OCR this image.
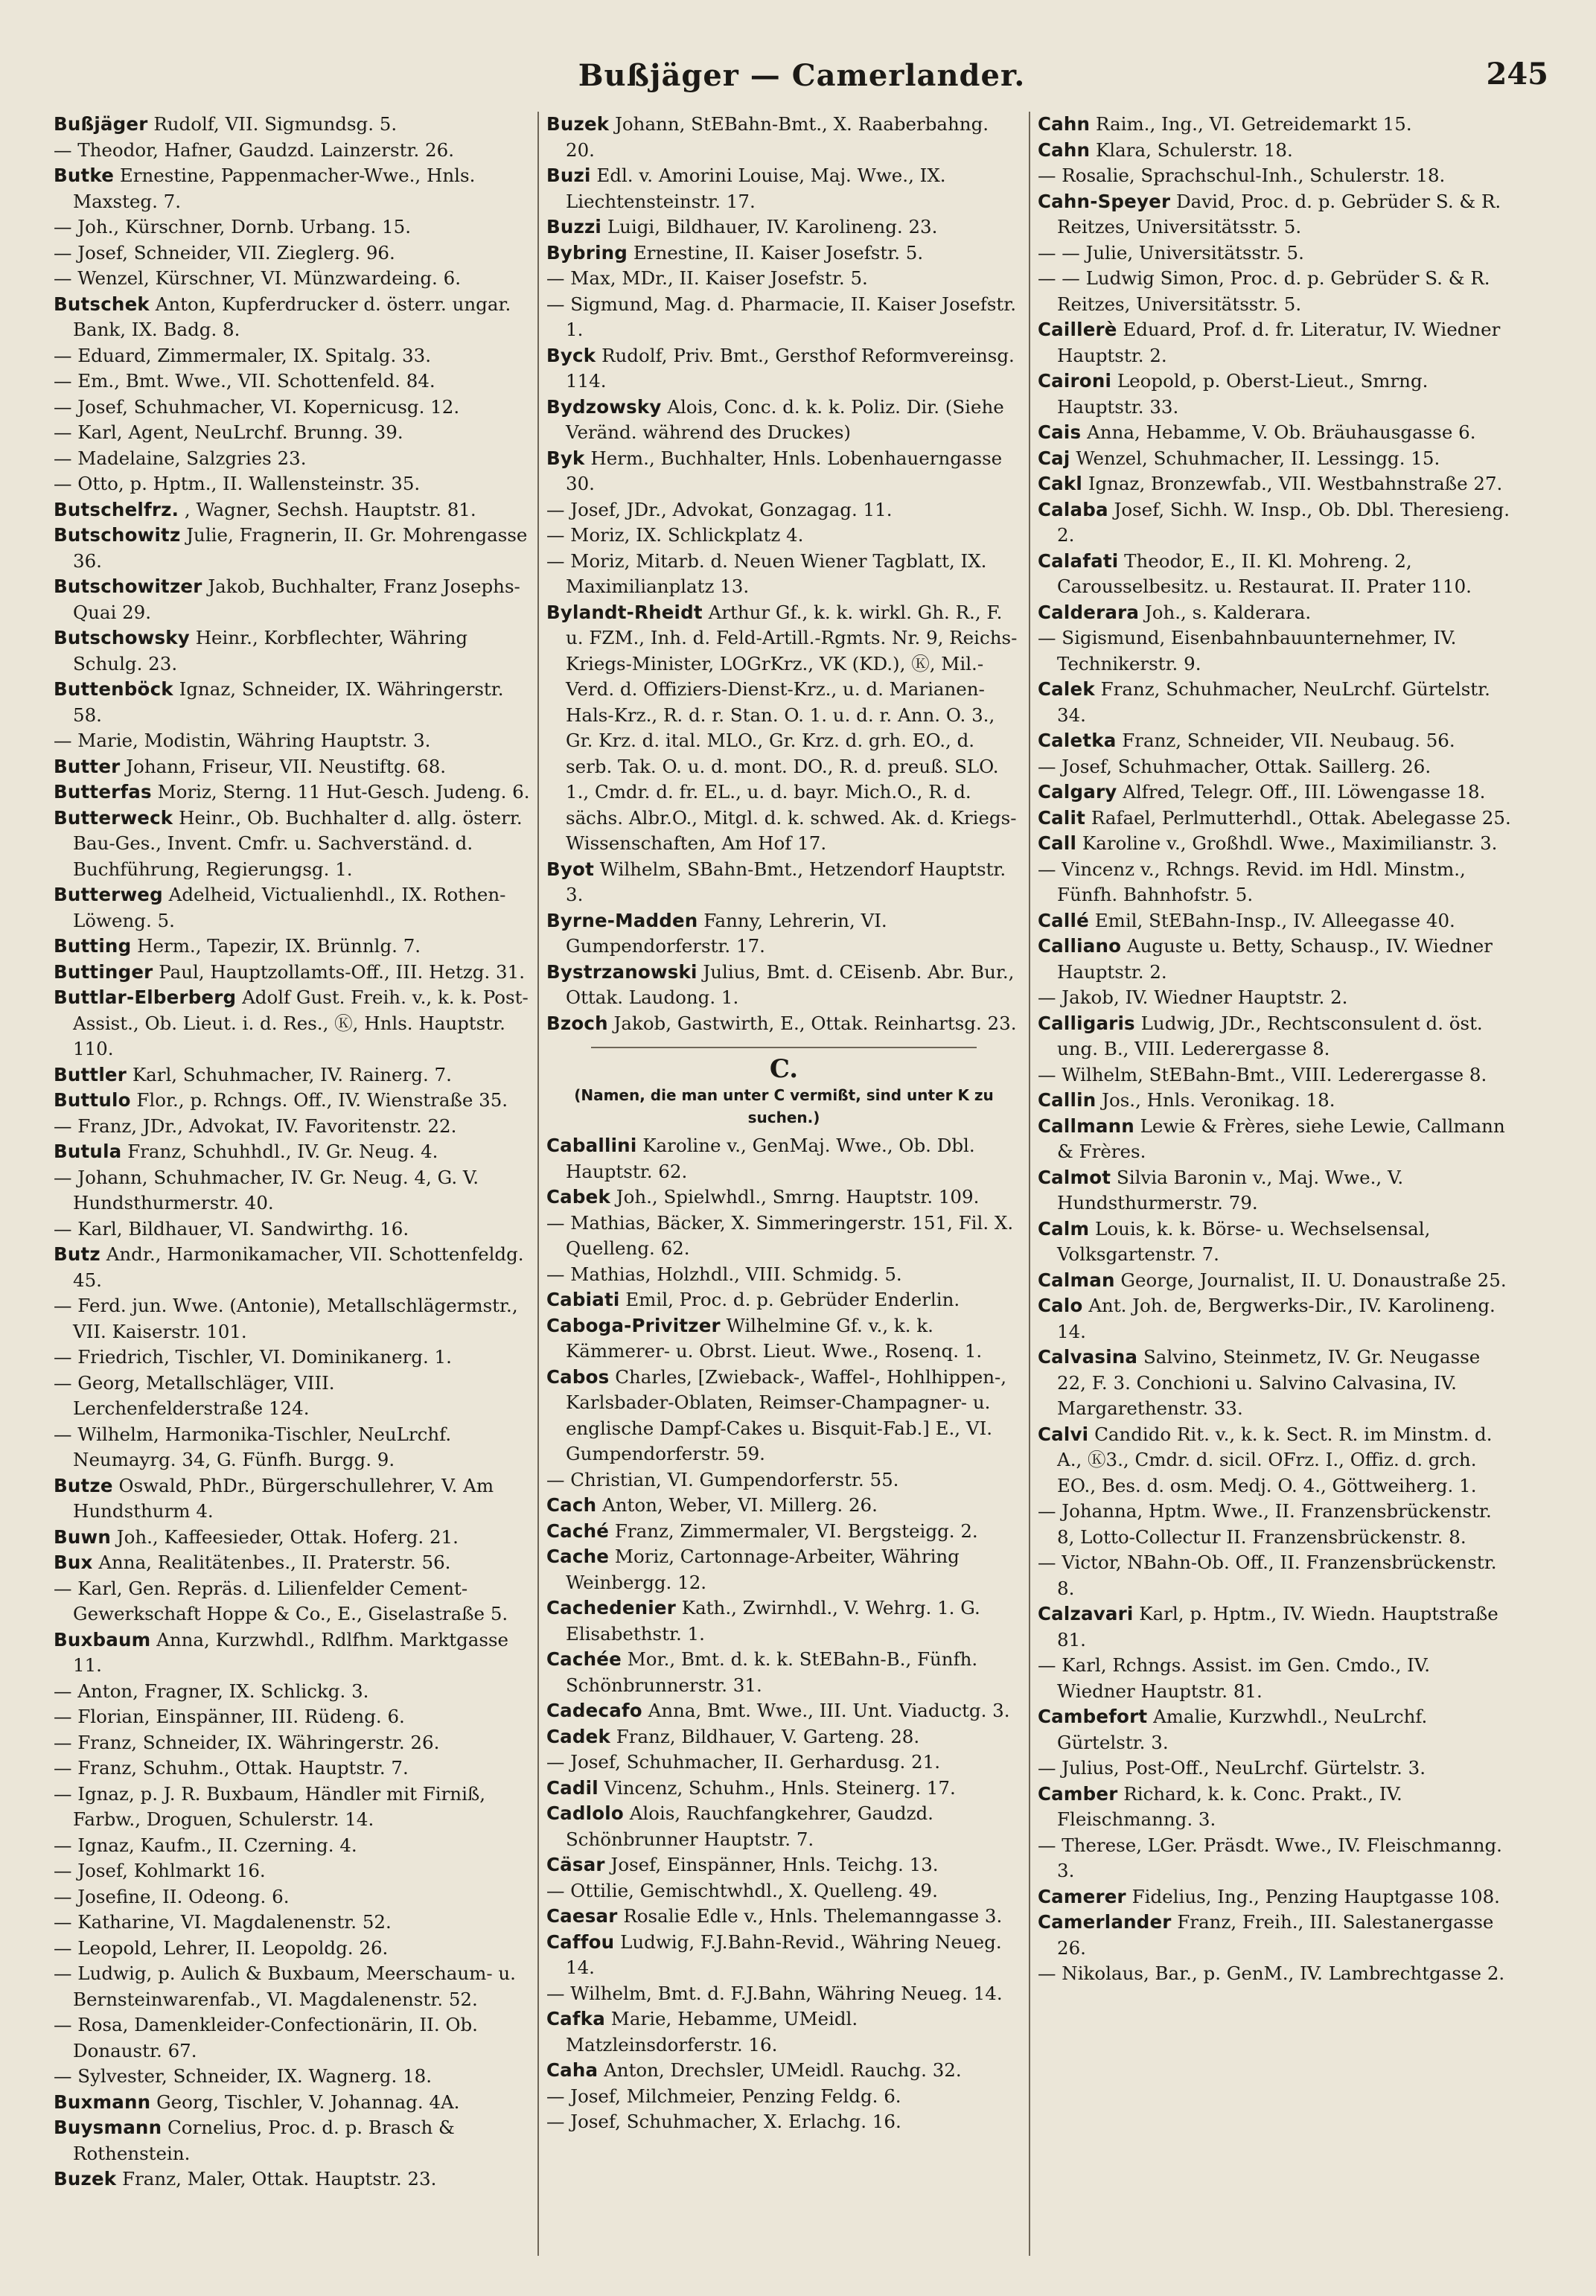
Bußjäger — Camerlander.	245

Bußjäger Rudolf, VII. Sigmundsg. 5.

— Theodor, Hafner, Gaudzd. Lainzerstr. 26.

Butke Ernestine, Pappenmacher-Wwe., Hnls. Maxsteg. 7.

— Joh., Kürschner, Dornb. Urbang. 15.

— Josef, Schneider, VII. Zieglerg. 96.

— Wenzel, Kürschner, VI. Münzwardeing. 6.

Butschek Anton, Kupferdrucker d. österr. ungar. Bank, IX. Badg. 8.

— Eduard, Zimmermaler, IX. Spitalg. 33.

— Em., Bmt. Wwe., VII. Schottenfeld. 84.

— Josef, Schuhmacher, VI. Kopernicusg. 12.

— Karl, Agent, NeuLrchf. Brunng. 39.

— Madelaine, Salzgries 23.

— Otto, p. Hptm., II. Wallensteinstr. 35.

Butschelfrz. , Wagner, Sechsh. Hauptstr. 81.

Butschowitz Julie, Fragnerin, II. Gr. Mohrengasse 36.

Butschowitzer Jakob, Buchhalter, Franz Josephs-Quai 29.

Butschowsky Heinr., Korbflechter, Währing Schulg. 23.

Buttenböck Ignaz, Schneider, IX. Währingerstr. 58.

— Marie, Modistin, Währing Hauptstr. 3.

Butter Johann, Friseur, VII. Neustiftg. 68.

Butterfas Moriz, Sterng. 11 Hut-Gesch. Judeng. 6.

Butterweck Heinr., Ob. Buchhalter d. allg. österr. Bau-Ges., Invent. Cmfr. u. Sachverständ. d. Buchführung, Regierungsg. 1.

Butterweg Adelheid, Victualienhdl., IX. Rothen-Löweng. 5.

Butting Herm., Tapezir, IX. Brünnlg. 7.

Buttinger Paul, Hauptzollamts-Off., III. Hetzg. 31.

Buttlar-Elberberg Adolf Gust. Freih. v., k. k. Post-Assist., Ob. Lieut. i. d. Res., Ⓚ, Hnls. Hauptstr. 110.

Buttler Karl, Schuhmacher, IV. Rainerg. 7.

Buttulo Flor., p. Rchngs. Off., IV. Wienstraße 35.

— Franz, JDr., Advokat, IV. Favoritenstr. 22.

Butula Franz, Schuhhdl., IV. Gr. Neug. 4.

— Johann, Schuhmacher, IV. Gr. Neug. 4, G. V. Hundsthurmerstr. 40.

— Karl, Bildhauer, VI. Sandwirthg. 16.

Butz Andr., Harmonikamacher, VII. Schottenfeldg. 45.

— Ferd. jun. Wwe. (Antonie), Metallschlägermstr., VII. Kaiserstr. 101.

— Friedrich, Tischler, VI. Dominikanerg. 1.

— Georg, Metallschläger, VIII. Lerchenfelderstraße 124.

— Wilhelm, Harmonika-Tischler, NeuLrchf. Neumayrg. 34, G. Fünfh. Burgg. 9.

Butze Oswald, PhDr., Bürgerschullehrer, V. Am Hundsthurm 4.

Buwn Joh., Kaffeesieder, Ottak. Hoferg. 21.

Bux Anna, Realitätenbes., II. Praterstr. 56.

— Karl, Gen. Repräs. d. Lilienfelder Cement-Gewerkschaft Hoppe & Co., E., Giselastraße 5.

Buxbaum Anna, Kurzwhdl., Rdlfhm. Marktgasse 11.

— Anton, Fragner, IX. Schlickg. 3.

— Florian, Einspänner, III. Rüdeng. 6.

— Franz, Schneider, IX. Währingerstr. 26.

— Franz, Schuhm., Ottak. Hauptstr. 7.

— Ignaz, p. J. R. Buxbaum, Händler mit Firniß, Farbw., Droguen, Schulerstr. 14.

— Ignaz, Kaufm., II. Czerning. 4.

— Josef, Kohlmarkt 16.

— Josefine, II. Odeong. 6.

— Katharine, VI. Magdalenenstr. 52.

— Leopold, Lehrer, II. Leopoldg. 26.

— Ludwig, p. Aulich & Buxbaum, Meerschaum- u. Bernsteinwarenfab., VI. Magdalenenstr. 52.

— Rosa, Damenkleider-Confectionärin, II. Ob. Donaustr. 67.

— Sylvester, Schneider, IX. Wagnerg. 18.

Buxmann Georg, Tischler, V. Johannag. 4A.

Buysmann Cornelius, Proc. d. p. Brasch & Rothenstein.

Buzek Franz, Maler, Ottak. Hauptstr. 23.

Buzek Johann, StEBahn-Bmt., X. Raaberbahng. 20.

Buzi Edl. v. Amorini Louise, Maj. Wwe., IX. Liechtensteinstr. 17.

Buzzi Luigi, Bildhauer, IV. Karolineng. 23.

Bybring Ernestine, II. Kaiser Josefstr. 5.

— Max, MDr., II. Kaiser Josefstr. 5.

— Sigmund, Mag. d. Pharmacie, II. Kaiser Josefstr. 1.

Byck Rudolf, Priv. Bmt., Gersthof Reformvereinsg. 114.

Bydzowsky Alois, Conc. d. k. k. Poliz. Dir. (Siehe Veränd. während des Druckes)

Byk Herm., Buchhalter, Hnls. Lobenhauerngasse 30.

— Josef, JDr., Advokat, Gonzagag. 11.

— Moriz, IX. Schlickplatz 4.

— Moriz, Mitarb. d. Neuen Wiener Tagblatt, IX. Maximilianplatz 13.

Bylandt-Rheidt Arthur Gf., k. k. wirkl. Gh. R., F. u. FZM., Inh. d. Feld-Artill.-Rgmts. Nr. 9, Reichs-Kriegs-Minister, LOGrKrz., VK (KD.), Ⓚ, Mil.-Verd. d. Offiziers-Dienst-Krz., u. d. Marianen-Hals-Krz., R. d. r. Stan. O. 1. u. d. r. Ann. O. 3., Gr. Krz. d. ital. MLO., Gr. Krz. d. grh. EO., d. serb. Tak. O. u. d. mont. DO., R. d. preuß. SLO. 1., Cmdr. d. fr. EL., u. d. bayr. Mich.O., R. d. sächs. Albr.O., Mitgl. d. k. schwed. Ak. d. Kriegs-Wissenschaften, Am Hof 17.

Byot Wilhelm, SBahn-Bmt., Hetzendorf Hauptstr. 3.

Byrne-Madden Fanny, Lehrerin, VI. Gumpendorferstr. 17.

Bystrzanowski Julius, Bmt. d. CEisenb. Abr. Bur., Ottak. Laudong. 1.

Bzoch Jakob, Gastwirth, E., Ottak. Reinhartsg. 23.

C.
(Namen, die man unter C vermißt, sind unter K zu suchen.)

Caballini Karoline v., GenMaj. Wwe., Ob. Dbl. Hauptstr. 62.

Cabek Joh., Spielwhdl., Smrng. Hauptstr. 109.

— Mathias, Bäcker, X. Simmeringerstr. 151, Fil. X. Quelleng. 62.

— Mathias, Holzhdl., VIII. Schmidg. 5.

Cabiati Emil, Proc. d. p. Gebrüder Enderlin.

Caboga-Privitzer Wilhelmine Gf. v., k. k. Kämmerer- u. Obrst. Lieut. Wwe., Rosenq. 1.

Cabos Charles, [Zwieback-, Waffel-, Hohlhippen-, Karlsbader-Oblaten, Reimser-Champagner- u. englische Dampf-Cakes u. Bisquit-Fab.] E., VI. Gumpendorferstr. 59.

— Christian, VI. Gumpendorferstr. 55.

Cach Anton, Weber, VI. Millerg. 26.

Caché Franz, Zimmermaler, VI. Bergsteigg. 2.

Cache Moriz, Cartonnage-Arbeiter, Währing Weinbergg. 12.

Cachedenier Kath., Zwirnhdl., V. Wehrg. 1. G. Elisabethstr. 1.

Cachée Mor., Bmt. d. k. k. StEBahn-B., Fünfh. Schönbrunnerstr. 31.

Cadecafo Anna, Bmt. Wwe., III. Unt. Viaductg. 3.

Cadek Franz, Bildhauer, V. Garteng. 28.

— Josef, Schuhmacher, II. Gerhardusg. 21.

Cadil Vincenz, Schuhm., Hnls. Steinerg. 17.

Cadlolo Alois, Rauchfangkehrer, Gaudzd. Schönbrunner Hauptstr. 7.

Cäsar Josef, Einspänner, Hnls. Teichg. 13.

— Ottilie, Gemischtwhdl., X. Quelleng. 49.

Caesar Rosalie Edle v., Hnls. Thelemanngasse 3.

Caffou Ludwig, F.J.Bahn-Revid., Währing Neueg. 14.

— Wilhelm, Bmt. d. F.J.Bahn, Währing Neueg. 14.

Cafka Marie, Hebamme, UMeidl. Matzleinsdorferstr. 16.

Caha Anton, Drechsler, UMeidl. Rauchg. 32.

— Josef, Milchmeier, Penzing Feldg. 6.

— Josef, Schuhmacher, X. Erlachg. 16.

Cahn Raim., Ing., VI. Getreidemarkt 15.

Cahn Klara, Schulerstr. 18.

— Rosalie, Sprachschul-Inh., Schulerstr. 18.

Cahn-Speyer David, Proc. d. p. Gebrüder S. & R. Reitzes, Universitätsstr. 5.

— — Julie, Universitätsstr. 5.

— — Ludwig Simon, Proc. d. p. Gebrüder S. & R. Reitzes, Universitätsstr. 5.

Caillerè Eduard, Prof. d. fr. Literatur, IV. Wiedner Hauptstr. 2.

Caironi Leopold, p. Oberst-Lieut., Smrng. Hauptstr. 33.

Cais Anna, Hebamme, V. Ob. Bräuhausgasse 6.

Caj Wenzel, Schuhmacher, II. Lessingg. 15.

Cakl Ignaz, Bronzewfab., VII. Westbahnstraße 27.

Calaba Josef, Sichh. W. Insp., Ob. Dbl. Theresieng. 2.

Calafati Theodor, E., II. Kl. Mohreng. 2, Carousselbesitz. u. Restaurat. II. Prater 110.

Calderara Joh., s. Kalderara.

— Sigismund, Eisenbahnbauunternehmer, IV. Technikerstr. 9.

Calek Franz, Schuhmacher, NeuLrchf. Gürtelstr. 34.

Caletka Franz, Schneider, VII. Neubaug. 56.

— Josef, Schuhmacher, Ottak. Saillerg. 26.

Calgary Alfred, Telegr. Off., III. Löwengasse 18.

Calit Rafael, Perlmutterhdl., Ottak. Abelegasse 25.

Call Karoline v., Großhdl. Wwe., Maximilianstr. 3.

— Vincenz v., Rchngs. Revid. im Hdl. Minstm., Fünfh. Bahnhofstr. 5.

Callé Emil, StEBahn-Insp., IV. Alleegasse 40.

Calliano Auguste u. Betty, Schausp., IV. Wiedner Hauptstr. 2.

— Jakob, IV. Wiedner Hauptstr. 2.

Calligaris Ludwig, JDr., Rechtsconsulent d. öst. ung. B., VIII. Lederergasse 8.

— Wilhelm, StEBahn-Bmt., VIII. Lederergasse 8.

Callin Jos., Hnls. Veronikag. 18.

Callmann Lewie & Frères, siehe Lewie, Callmann & Frères.

Calmot Silvia Baronin v., Maj. Wwe., V. Hundsthurmerstr. 79.

Calm Louis, k. k. Börse- u. Wechselsensal, Volksgartenstr. 7.

Calman George, Journalist, II. U. Donaustraße 25.

Calo Ant. Joh. de, Bergwerks-Dir., IV. Karolineng. 14.

Calvasina Salvino, Steinmetz, IV. Gr. Neugasse 22, F. 3. Conchioni u. Salvino Calvasina, IV. Margarethenstr. 33.

Calvi Candido Rit. v., k. k. Sect. R. im Minstm. d. A., Ⓚ3., Cmdr. d. sicil. OFrz. I., Offiz. d. grch. EO., Bes. d. osm. Medj. O. 4., Göttweiherg. 1.

— Johanna, Hptm. Wwe., II. Franzensbrückenstr. 8, Lotto-Collectur II. Franzensbrückenstr. 8.

— Victor, NBahn-Ob. Off., II. Franzensbrückenstr. 8.

Calzavari Karl, p. Hptm., IV. Wiedn. Hauptstraße 81.

— Karl, Rchngs. Assist. im Gen. Cmdo., IV. Wiedner Hauptstr. 81.

Cambefort Amalie, Kurzwhdl., NeuLrchf. Gürtelstr. 3.

— Julius, Post-Off., NeuLrchf. Gürtelstr. 3.

Camber Richard, k. k. Conc. Prakt., IV. Fleischmanng. 3.

— Therese, LGer. Präsdt. Wwe., IV. Fleischmanng. 3.

Camerer Fidelius, Ing., Penzing Hauptgasse 108.

Camerlander Franz, Freih., III. Salestanergasse 26.

— Nikolaus, Bar., p. GenM., IV. Lambrechtgasse 2.
